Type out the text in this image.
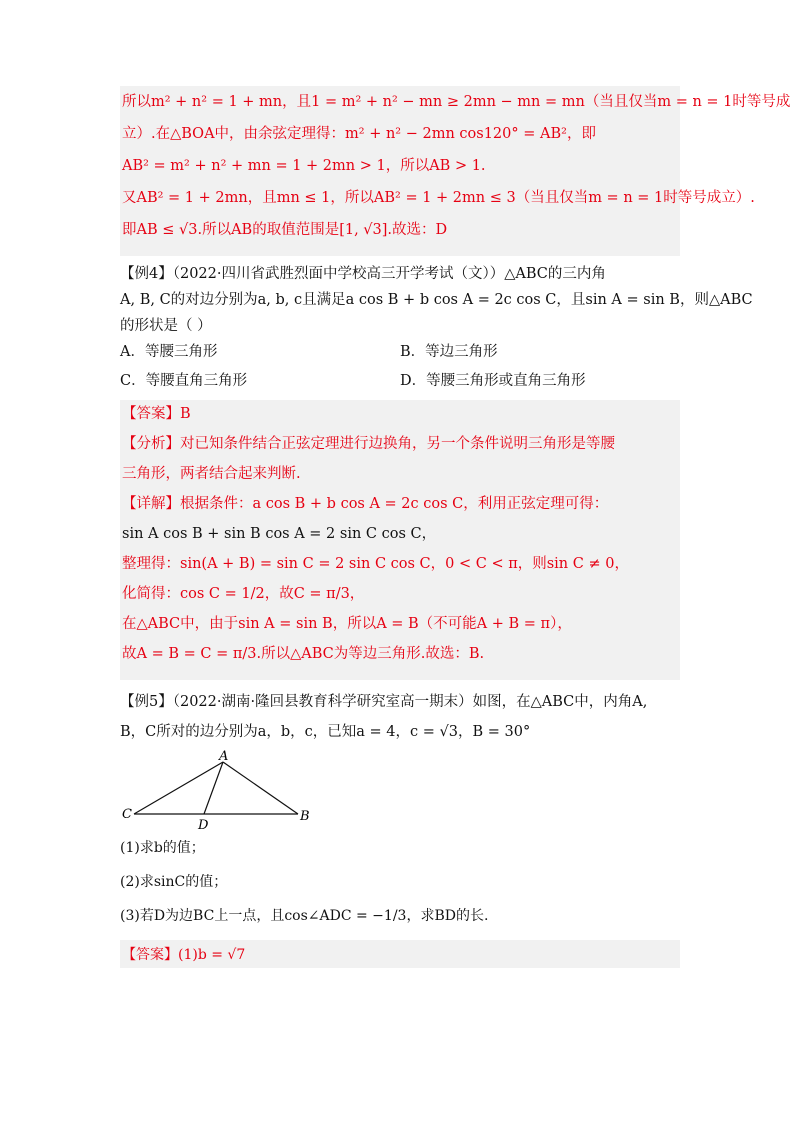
所以m² + n² = 1 + mn，且1 = m² + n² − mn ≥ 2mn − mn = mn（当且仅当m = n = 1时等号成
立）.在△BOA中，由余弦定理得：m² + n² − 2mn cos120° = AB²，即
AB² = m² + n² + mn = 1 + 2mn > 1，所以AB > 1.
又AB² = 1 + 2mn，且mn ≤ 1，所以AB² = 1 + 2mn ≤ 3（当且仅当m = n = 1时等号成立）.
即AB ≤ √3.所以AB的取值范围是[1, √3].故选：D
【例4】（2022·四川省武胜烈面中学校高三开学考试（文））△ABC的三内角
A, B, C的对边分别为a, b, c且满足a cos B + b cos A = 2c cos C，且sin A = sin B，则△ABC
的形状是（ ）
A．等腰三角形	B．等边三角形
C．等腰直角三角形	D．等腰三角形或直角三角形
【答案】B
【分析】对已知条件结合正弦定理进行边换角，另一个条件说明三角形是等腰
三角形，两者结合起来判断.
【详解】根据条件：a cos B + b cos A = 2c cos C，利用正弦定理可得：
sin A cos B + sin B cos A = 2 sin C cos C，
整理得：sin(A + B) = sin C = 2 sin C cos C，0 < C < π，则sin C ≠ 0，
化简得：cos C = 1/2，故C = π/3，
在△ABC中，由于sin A = sin B，所以A = B（不可能A + B = π），
故A = B = C = π/3.所以△ABC为等边三角形.故选：B.
【例5】（2022·湖南·隆回县教育科学研究室高一期末）如图，在△ABC中，内角A,
B，C所对的边分别为a，b，c，已知a = 4，c = √3，B = 30°
A
C	B
D
(1)求b的值；
(2)求sinC的值；
(3)若D为边BC上一点，且cos∠ADC = −1/3，求BD的长.
【答案】(1)b = √7
